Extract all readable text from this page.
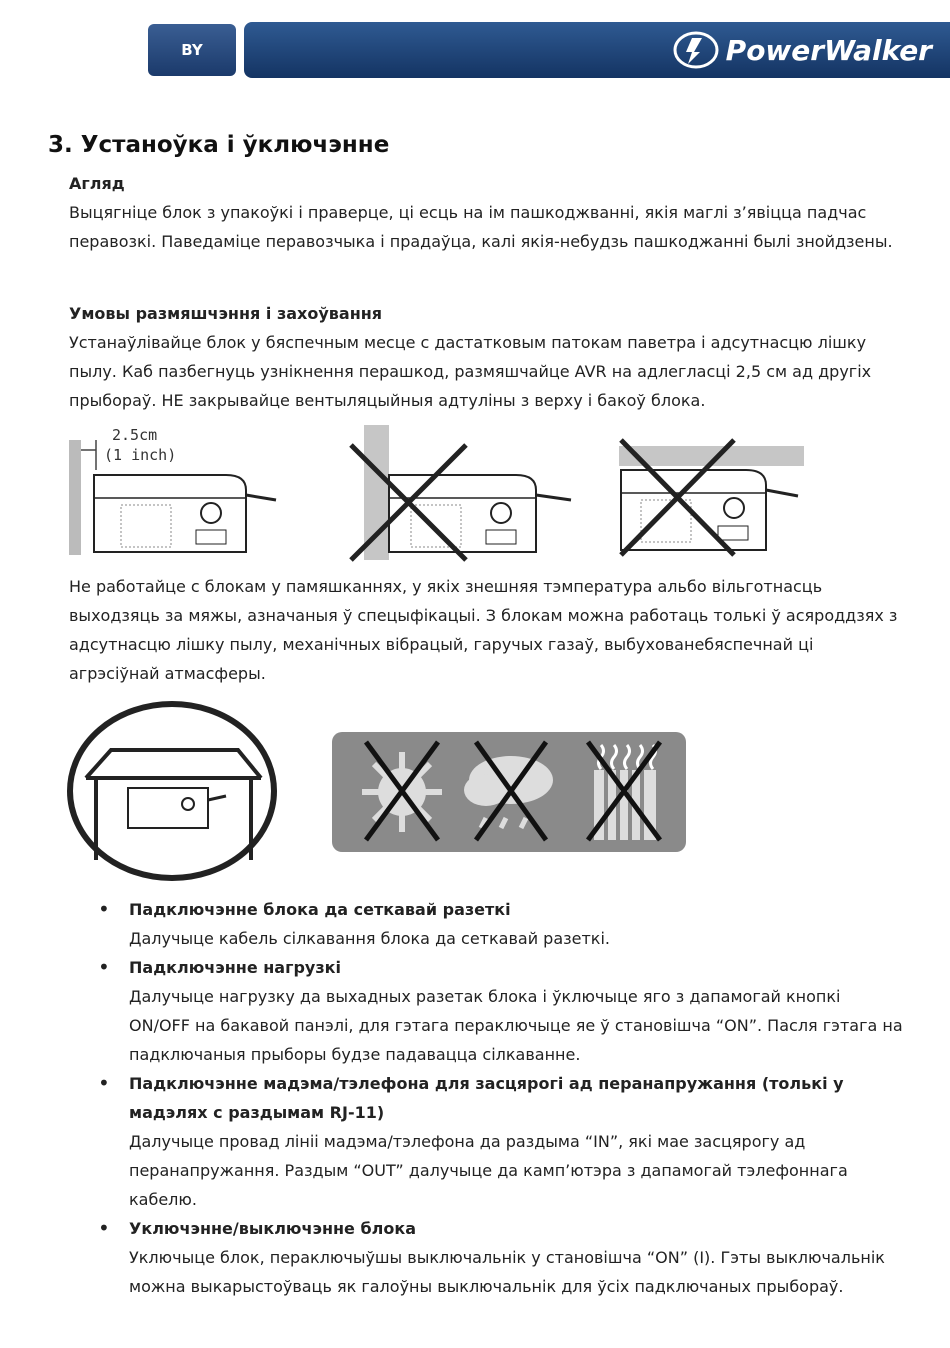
BY	PowerWalker
3. Устаноўка і ўключэнне
Агляд

Выцягніце блок з упакоўкі і праверце, ці есць на ім пашкоджванні, якія маглі з’явіцца падчас перавозкі. Паведаміце перавозчыка і прадаўца, калі якія-небудзь пашкоджанні былі знойдзены.

Умовы размяшчэння і захоўвання

Устанаўлівайце блок у бяспечным месце с дастатковым патокам паветра і адсутнасцю лішку пылу. Каб пазбегнуць узнікнення перашкод, размяшчайце AVR на адлегласці 2,5 см ад другіх прыбораў. НЕ закрывайце вентыляцыйныя адтуліны з верху і бакоў блока.

2.5cm
(1 inch)

Не работайце с блокам у памяшканнях, у якіх знешняя тэмпература альбо вільготнасць выходзяць за мяжы, азначаныя ў спецыфікацыі. З блокам можна работаць толькі ў асяроддзях з адсутнасцю лішку пылу, механічных вібрацый, гаручых газаў, выбухованебяспечнай ці агрэсіўнай атмасферы.

• Падключэнне блока да сеткавай разеткі
Далучыце кабель сілкавання блока да сеткавай разеткі.
• Падключэнне нагрузкі
Далучыце нагрузку да выхадных разетак блока і ўключыце яго з дапамогай кнопкі ON/OFF на бакавой панэлі, для гэтага пераключыце яе ў становішча “ON”. Пасля гэтага на падключаныя прыборы будзе падавацца сілкаванне.
• Падключэнне мадэма/тэлефона для засцярогі ад перанапружання (толькі у мадэлях с раздымам RJ-11)
Далучыце провад лініі мадэма/тэлефона да раздыма “IN”, які мае засцярогу ад перанапружання. Раздым “OUT” далучыце да камп’ютэра з дапамогай тэлефоннага кабелю.
• Уключэнне/выключэнне блока
Уключыце блок, пераключыўшы выключальнік у становішча “ON” (I). Гэты выключальнік можна выкарыстоўваць як галоўны выключальнік для ўсіх падключаных прыбораў.
